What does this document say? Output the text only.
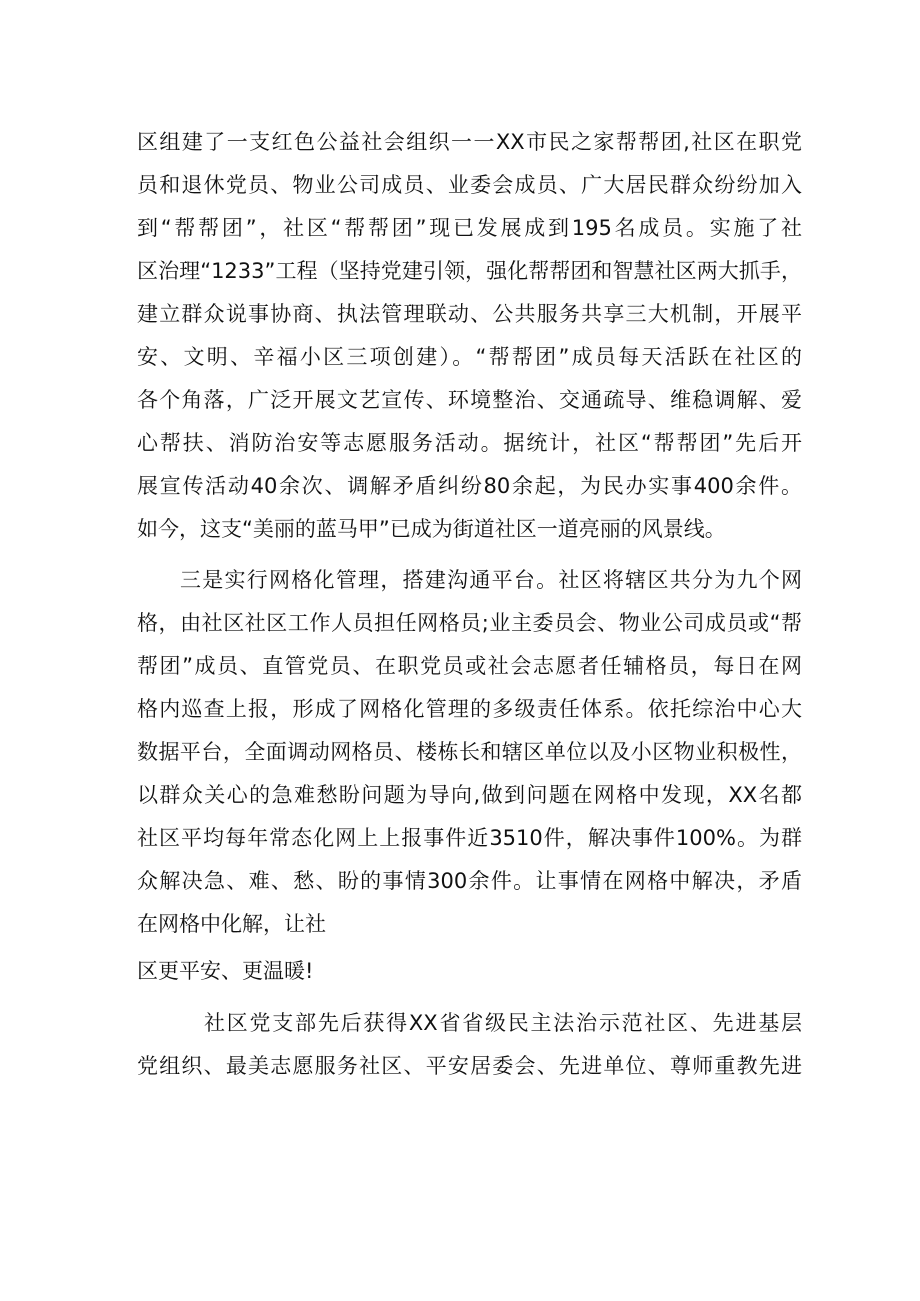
区组建了一支红色公益社会组织一一XX市民之家帮帮团,社区在职党
员和退休党员、物业公司成员、业委会成员、广大居民群众纷纷加入
到“帮帮团”，社区“帮帮团”现已发展成到195名成员。实施了社
区治理“1233”工程（坚持党建引领，强化帮帮团和智慧社区两大抓手，
建立群众说事协商、执法管理联动、公共服务共享三大机制，开展平
安、文明、辛福小区三项创建）。“帮帮团”成员每天活跃在社区的
各个角落，广泛开展文艺宣传、环境整治、交通疏导、维稳调解、爱
心帮扶、消防治安等志愿服务活动。据统计，社区“帮帮团”先后开
展宣传活动40余次、调解矛盾纠纷80余起，为民办实事400余件。
如今，这支“美丽的蓝马甲”已成为街道社区一道亮丽的风景线。
三是实行网格化管理，搭建沟通平台。社区将辖区共分为九个网
格，由社区社区工作人员担任网格员;业主委员会、物业公司成员或“帮
帮团”成员、直管党员、在职党员或社会志愿者任辅格员，每日在网
格内巡查上报，形成了网格化管理的多级责任体系。依托综治中心大
数据平台，全面调动网格员、楼栋长和辖区单位以及小区物业积极性，
以群众关心的急难愁盼问题为导向,做到问题在网格中发现，XX名都
社区平均每年常态化网上上报事件近3510件，解决事件100%。为群
众解决急、难、愁、盼的事情300余件。让事情在网格中解决，矛盾
在网格中化解，让社
区更平安、更温暖!
社区党支部先后获得XX省省级民主法治示范社区、先进基层
党组织、最美志愿服务社区、平安居委会、先进单位、尊师重教先进
